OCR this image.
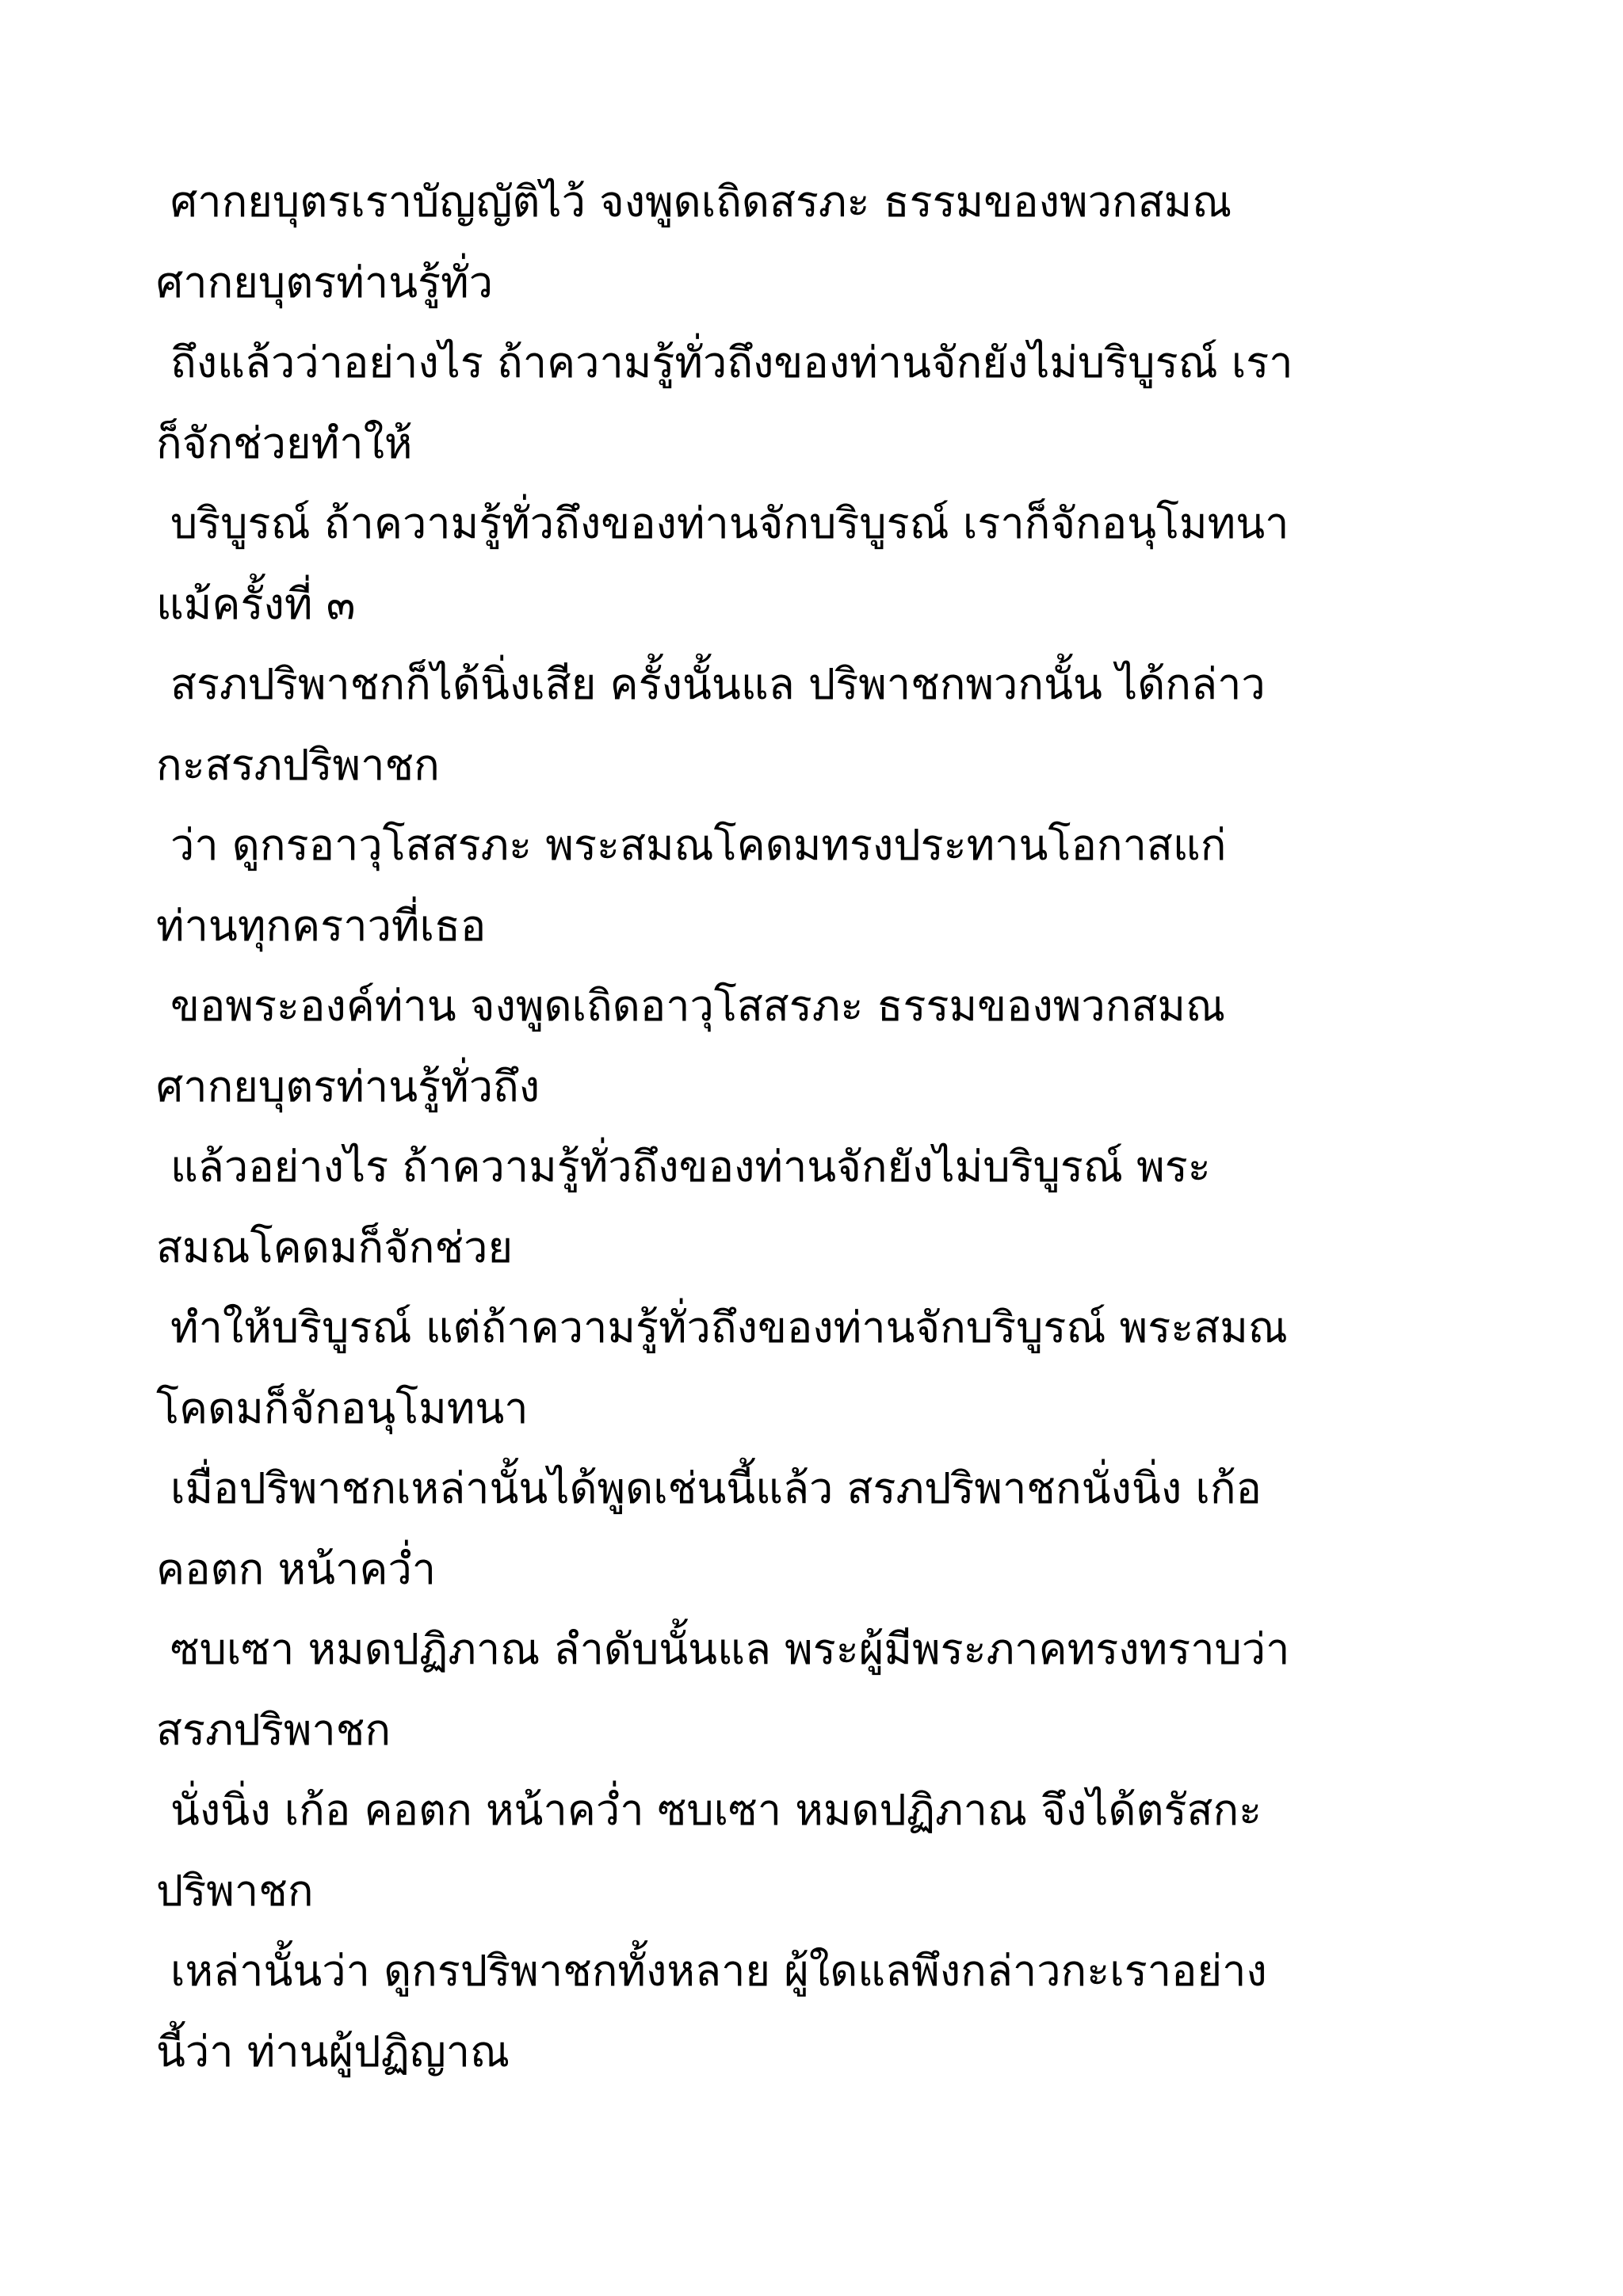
ศากยบุตรเราบัญญัติไว้ จงพูดเถิดสรภะ ธรรมของพวกสมณ
ศากยบุตรท่านรู้ทั่ว
ถึงแล้วว่าอย่างไร ถ้าความรู้ทั่วถึงของท่านจักยังไม่บริบูรณ์ เรา
ก็จักช่วยทำให้
บริบูรณ์ ถ้าความรู้ทั่วถึงของท่านจักบริบูรณ์ เราก็จักอนุโมทนา
แม้ครั้งที่ ๓
สรภปริพาชกก็ได้นิ่งเสีย ครั้งนั้นแล ปริพาชกพวกนั้น ได้กล่าว
กะสรภปริพาชก
ว่า ดูกรอาวุโสสรภะ พระสมณโคดมทรงประทานโอกาสแก่
ท่านทุกคราวที่เธอ
ขอพระองค์ท่าน จงพูดเถิดอาวุโสสรภะ ธรรมของพวกสมณ
ศากยบุตรท่านรู้ทั่วถึง
แล้วอย่างไร ถ้าความรู้ทั่วถึงของท่านจักยังไม่บริบูรณ์ พระ
สมณโคดมก็จักช่วย
ทำให้บริบูรณ์ แต่ถ้าความรู้ทั่วถึงของท่านจักบริบูรณ์ พระสมณ
โคดมก็จักอนุโมทนา
เมื่อปริพาชกเหล่านั้นได้พูดเช่นนี้แล้ว สรภปริพาชกนั่งนิ่ง เก้อ
คอตก หน้าคว่ำ
ซบเซา หมดปฏิภาณ ลำดับนั้นแล พระผู้มีพระภาคทรงทราบว่า
สรภปริพาชก
นั่งนิ่ง เก้อ คอตก หน้าคว่ำ ซบเซา หมดปฏิภาณ จึงได้ตรัสกะ
ปริพาชก
เหล่านั้นว่า ดูกรปริพาชกทั้งหลาย ผู้ใดแลพึงกล่าวกะเราอย่าง
นี้ว่า ท่านผู้ปฏิญาณ
